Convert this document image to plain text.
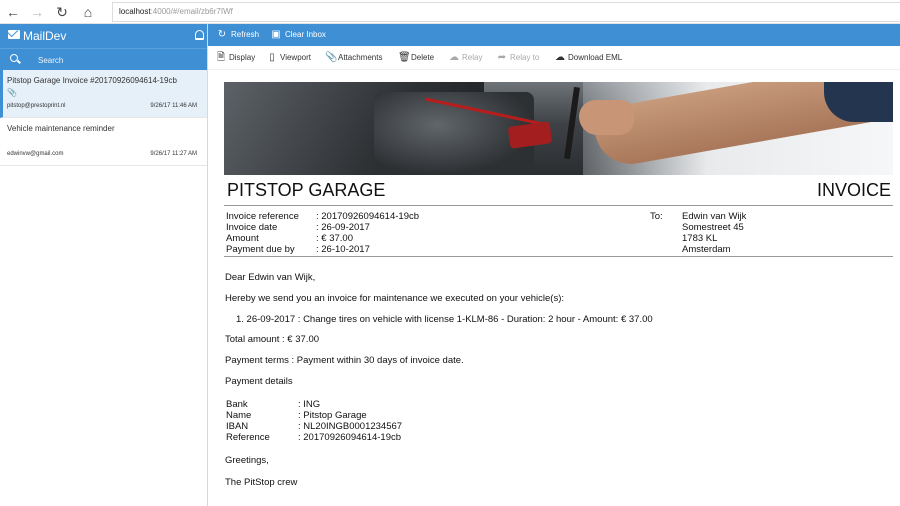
← → ↻	⌂	localhost:4000/#/email/zb6r7IWf
MailDev
Search
Pitstop Garage Invoice #20170926094614-19cb
📎
pitstop@prestoprint.nl	9/26/17 11:46 AM
Vehicle maintenance reminder
edwinvw@gmail.com	9/26/17 11:27 AM
↻ Refresh ▣ Clear Inbox
🗎 Display ▯ Viewport 📎Attachments 🗑Delete ☁ Relay ➦ Relay to ☁ Download EML
PITSTOP GARAGE	INVOICE
Invoice reference	: 20170926094614-19cb
Invoice date	: 26-09-2017
Amount	: € 37.00
Payment due by	: 26-10-2017
To: Edwin van Wijk
Somestreet 45
1783 KL
Amsterdam
Dear Edwin van Wijk,
Hereby we send you an invoice for maintenance we executed on your vehicle(s):
1. 26-09-2017 : Change tires on vehicle with license 1-KLM-86 - Duration: 2 hour - Amount: € 37.00
Total amount : € 37.00
Payment terms : Payment within 30 days of invoice date.
Payment details
Bank	: ING
Name	: Pitstop Garage
IBAN	: NL20INGB0001234567
Reference	: 20170926094614-19cb
Greetings,
The PitStop crew
